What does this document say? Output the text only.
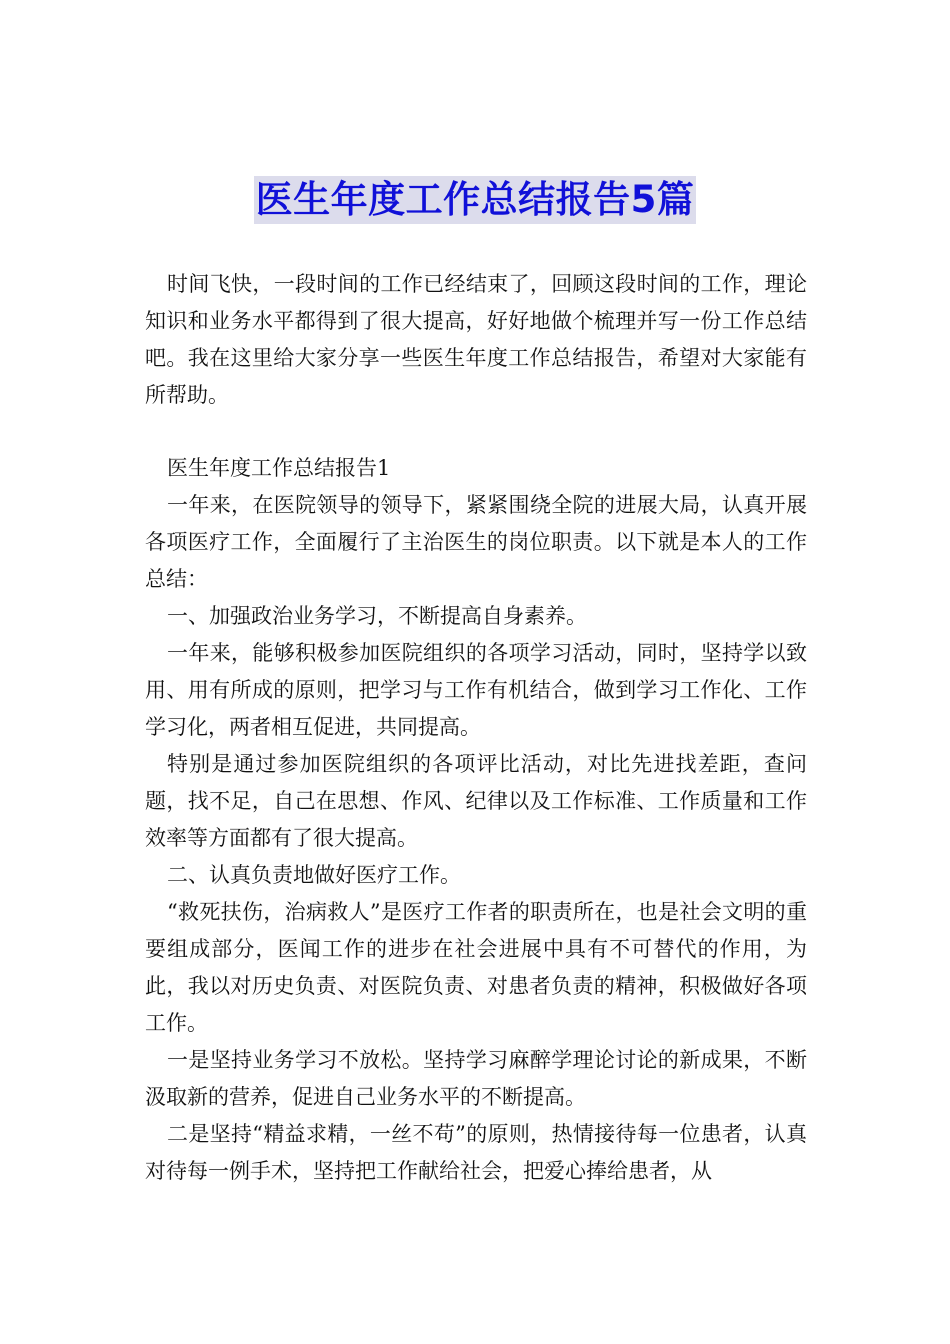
医生年度工作总结报告5篇

时间飞快，一段时间的工作已经结束了，回顾这段时间的工作，理论知识和业务水平都得到了很大提高，好好地做个梳理并写一份工作总结吧。我在这里给大家分享一些医生年度工作总结报告，希望对大家能有所帮助。

医生年度工作总结报告1

一年来，在医院领导的领导下，紧紧围绕全院的进展大局，认真开展各项医疗工作，全面履行了主治医生的岗位职责。以下就是本人的工作总结：

一、加强政治业务学习，不断提高自身素养。

一年来，能够积极参加医院组织的各项学习活动，同时，坚持学以致用、用有所成的原则，把学习与工作有机结合，做到学习工作化、工作学习化，两者相互促进，共同提高。

特别是通过参加医院组织的各项评比活动，对比先进找差距，查问题，找不足，自己在思想、作风、纪律以及工作标准、工作质量和工作效率等方面都有了很大提高。

二、认真负责地做好医疗工作。

“救死扶伤，治病救人”是医疗工作者的职责所在，也是社会文明的重要组成部分，医闻工作的进步在社会进展中具有不可替代的作用，为此，我以对历史负责、对医院负责、对患者负责的精神，积极做好各项工作。

一是坚持业务学习不放松。坚持学习麻醉学理论讨论的新成果，不断汲取新的营养，促进自己业务水平的不断提高。

二是坚持“精益求精，一丝不苟”的原则，热情接待每一位患者，认真对待每一例手术，坚持把工作献给社会，把爱心捧给患者，从
